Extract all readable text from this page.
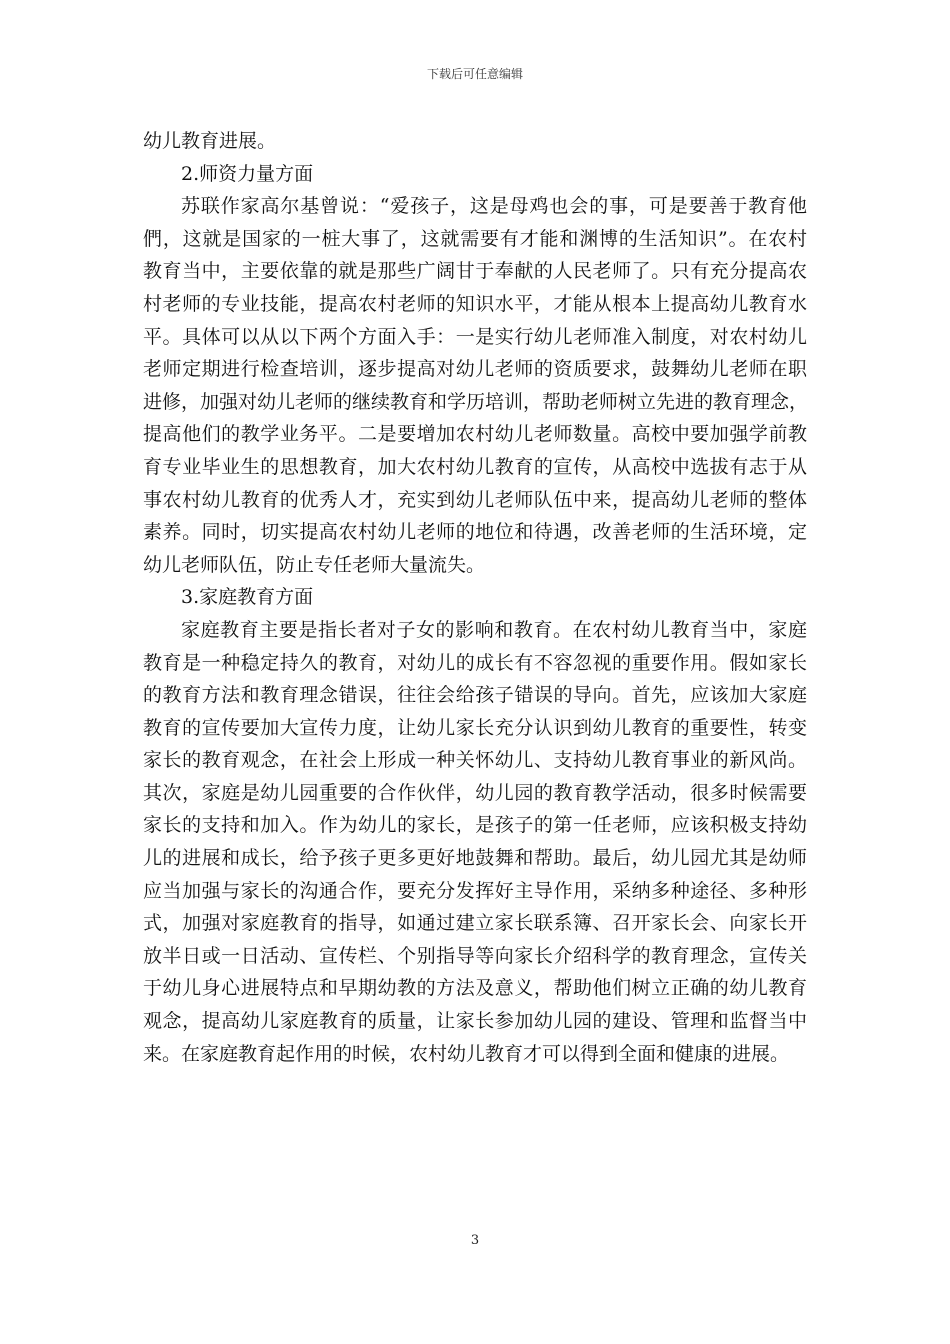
下载后可任意编辑
幼儿教育进展。
2.师资力量方面
苏联作家高尔基曾说：“爱孩子，这是母鸡也会的事，可是要善于教育他
們，这就是国家的一桩大事了，这就需要有才能和渊博的生活知识”。在农村
教育当中，主要依靠的就是那些广阔甘于奉献的人民老师了。只有充分提高农
村老师的专业技能，提高农村老师的知识水平，才能从根本上提高幼儿教育水
平。具体可以从以下两个方面入手：一是实行幼儿老师准入制度，对农村幼儿
老师定期进行检查培训，逐步提高对幼儿老师的资质要求，鼓舞幼儿老师在职
进修，加强对幼儿老师的继续教育和学历培训，帮助老师树立先进的教育理念，
提高他们的教学业务平。二是要增加农村幼儿老师数量。高校中要加强学前教
育专业毕业生的思想教育，加大农村幼儿教育的宣传，从高校中选拔有志于从
事农村幼儿教育的优秀人才，充实到幼儿老师队伍中来，提高幼儿老师的整体
素养。同时，切实提高农村幼儿老师的地位和待遇，改善老师的生活环境，定
幼儿老师队伍，防止专任老师大量流失。
3.家庭教育方面
家庭教育主要是指长者对子女的影响和教育。在农村幼儿教育当中，家庭
教育是一种稳定持久的教育，对幼儿的成长有不容忽视的重要作用。假如家长
的教育方法和教育理念错误，往往会给孩子错误的导向。首先，应该加大家庭
教育的宣传要加大宣传力度，让幼儿家长充分认识到幼儿教育的重要性，转变
家长的教育观念，在社会上形成一种关怀幼儿、支持幼儿教育事业的新风尚。
其次，家庭是幼儿园重要的合作伙伴，幼儿园的教育教学活动，很多时候需要
家长的支持和加入。作为幼儿的家长，是孩子的第一任老师，应该积极支持幼
儿的进展和成长，给予孩子更多更好地鼓舞和帮助。最后，幼儿园尤其是幼师
应当加强与家长的沟通合作，要充分发挥好主导作用，采纳多种途径、多种形
式，加强对家庭教育的指导，如通过建立家长联系簿、召开家长会、向家长开
放半日或一日活动、宣传栏、个别指导等向家长介绍科学的教育理念，宣传关
于幼儿身心进展特点和早期幼教的方法及意义，帮助他们树立正确的幼儿教育
观念，提高幼儿家庭教育的质量，让家长参加幼儿园的建设、管理和监督当中
来。在家庭教育起作用的时候，农村幼儿教育才可以得到全面和健康的进展。
3
